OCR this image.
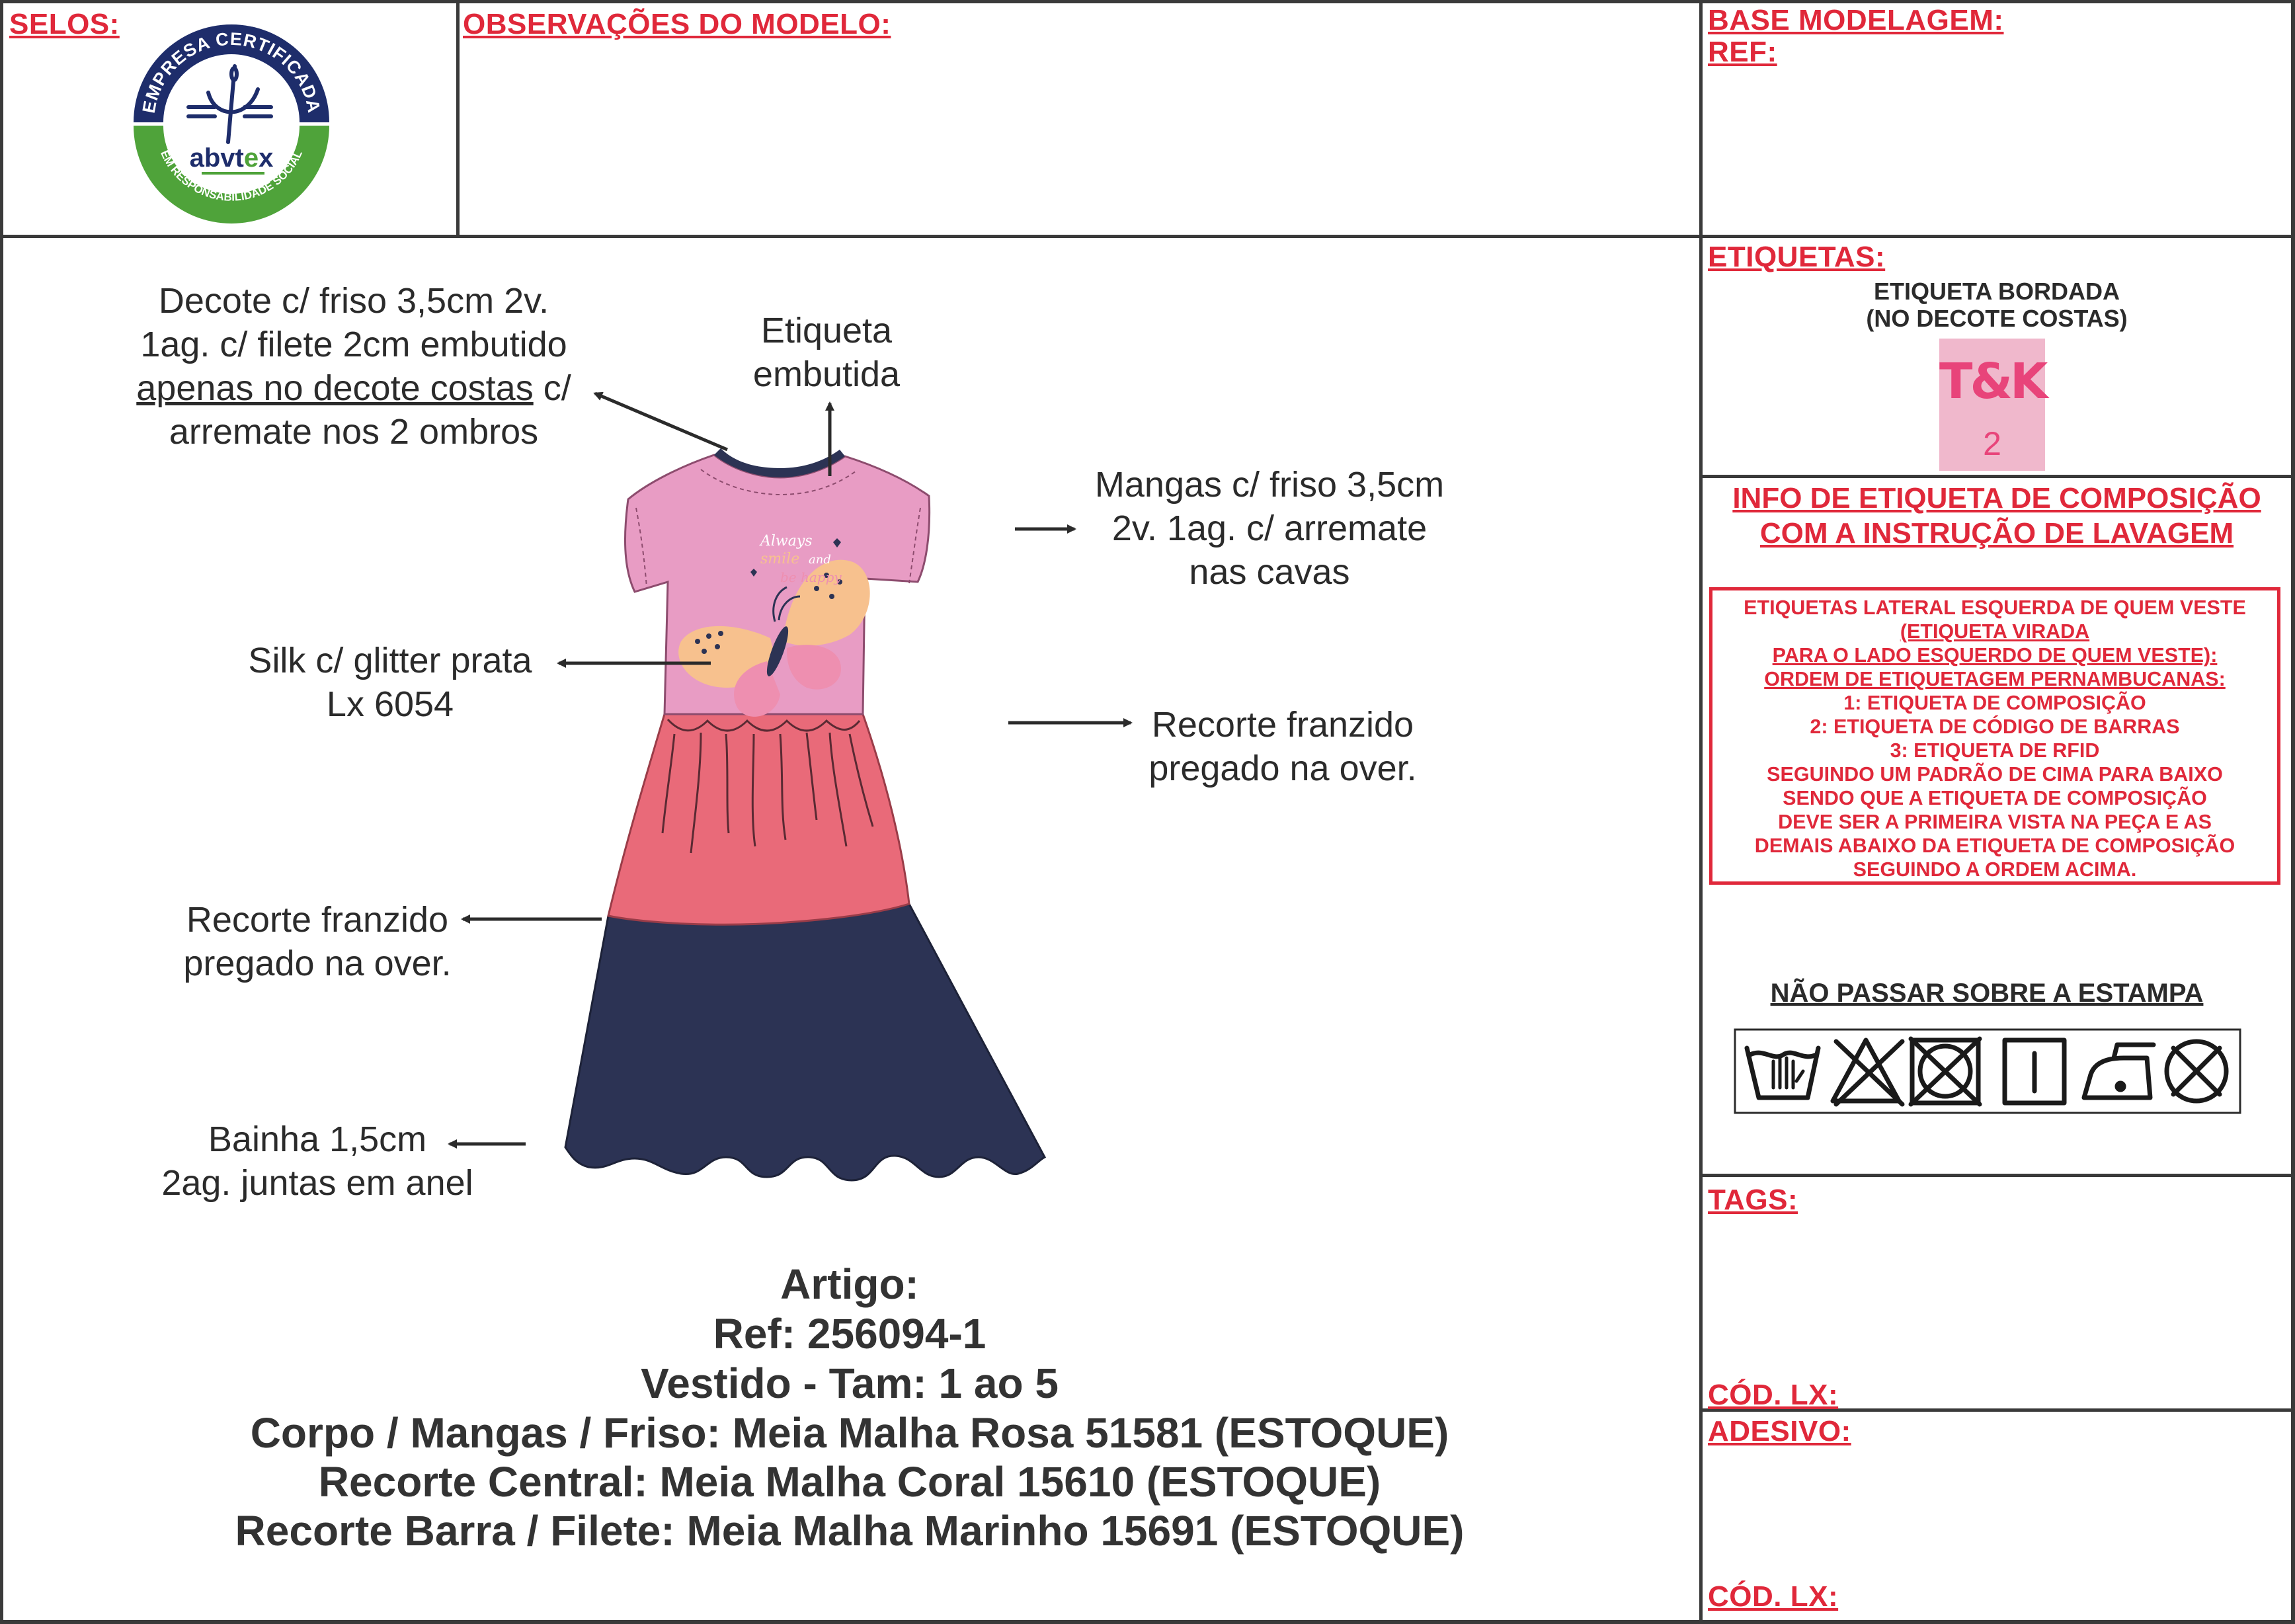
SELOS:	OBSERVAÇÕES DO MODELO:	BASE MODELAGEM:
REF:
EMPRESA CERTIFICADA
EM RESPONSABILIDADE SOCIAL
abvtex
Always
smile and
be happy
Decote c/ friso 3,5cm 2v.
1ag. c/ filete 2cm embutido
apenas no decote costas c/
arremate nos 2 ombros
Etiqueta
embutida
Mangas c/ friso 3,5cm
2v. 1ag. c/ arremate
nas cavas
Silk c/ glitter prata
Lx 6054
Recorte franzido
pregado na over.
Recorte franzido
pregado na over.
Bainha 1,5cm
2ag. juntas em anel
Artigo:
Ref: 256094-1
Vestido - Tam: 1 ao 5
Corpo / Mangas / Friso: Meia Malha Rosa 51581 (ESTOQUE)
Recorte Central: Meia Malha Coral 15610 (ESTOQUE)
Recorte Barra / Filete: Meia Malha Marinho 15691 (ESTOQUE)
ETIQUETAS:
ETIQUETA BORDADA
(NO DECOTE COSTAS)
T&K
2
INFO DE ETIQUETA DE COMPOSIÇÃO
COM A INSTRUÇÃO DE LAVAGEM
ETIQUETAS LATERAL ESQUERDA DE QUEM VESTE
(ETIQUETA VIRADA
PARA O LADO ESQUERDO DE QUEM VESTE):
ORDEM DE ETIQUETAGEM PERNAMBUCANAS:
1: ETIQUETA DE COMPOSIÇÃO
2: ETIQUETA DE CÓDIGO DE BARRAS
3: ETIQUETA DE RFID
SEGUINDO UM PADRÃO DE CIMA PARA BAIXO
SENDO QUE A ETIQUETA DE COMPOSIÇÃO
DEVE SER A PRIMEIRA VISTA NA PEÇA E AS
DEMAIS ABAIXO DA ETIQUETA DE COMPOSIÇÃO
SEGUINDO A ORDEM ACIMA.
NÃO PASSAR SOBRE A ESTAMPA
TAGS:
CÓD. LX:
ADESIVO:
CÓD. LX:
